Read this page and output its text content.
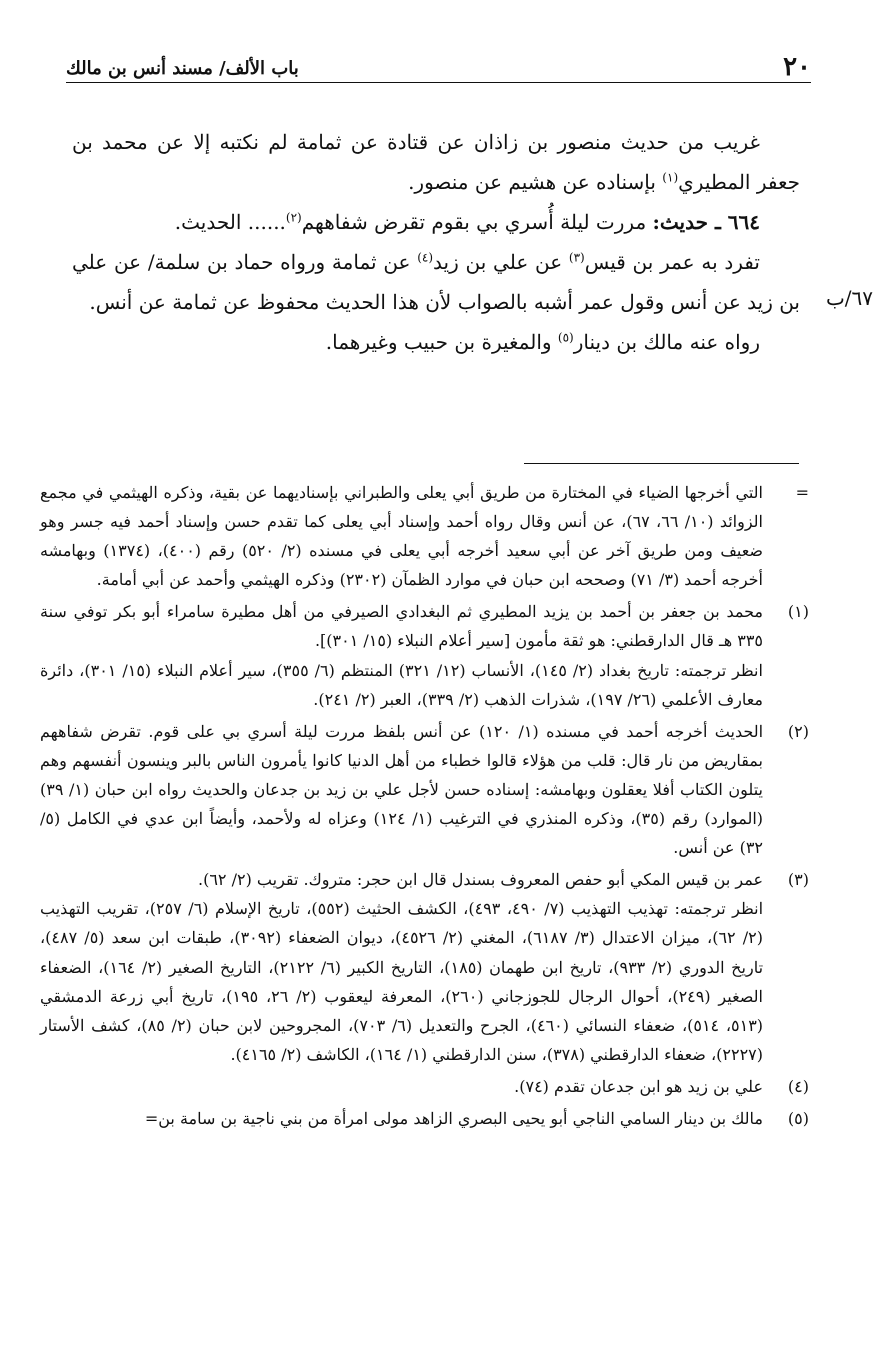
٢٠
باب الألف/ مسند أنس بن مالك
٦٧/ب

غريب من حديث منصور بن زاذان عن قتادة عن ثمامة لم نكتبه إلا عن محمد بن جعفر المطيري$^{(١)}$ بإسناده عن هشيم عن منصور.

٦٦٤ ـ حديث: مررت ليلة أُسري بي بقوم تقرض شفاههم$^{(٢)}$...... الحديث.

تفرد به عمر بن قيس$^{(٣)}$ عن علي بن زيد$^{(٤)}$ عن ثمامة ورواه حماد بن سلمة/ عن علي بن زيد عن أنس وقول عمر أشبه بالصواب لأن هذا الحديث محفوظ عن ثمامة عن أنس.

رواه عنه مالك بن دينار$^{(٥)}$ والمغيرة بن حبيب وغيرهما.

=

التي أخرجها الضياء في المختارة من طريق أبي يعلى والطبراني بإسناديهما عن بقية، وذكره الهيثمي في مجمع الزوائد (١٠/ ٦٦، ٦٧)، عن أنس وقال رواه أحمد وإسناد أبي يعلى كما تقدم حسن وإسناد أحمد فيه جسر وهو ضعيف ومن طريق آخر عن أبي سعيد أخرجه أبي يعلى في مسنده (٢/ ٥٢٠) رقم (٤٠٠)، (١٣٧٤) وبهامشه أخرجه أحمد (٣/ ٧١) وصححه ابن حبان في موارد الظمآن (٢٣٠٢) وذكره الهيثمي وأحمد عن أبي أمامة.

(١)

محمد بن جعفر بن أحمد بن يزيد المطيري ثم البغدادي الصيرفي من أهل مطيرة سامراء أبو بكر توفي سنة ٣٣٥ هـ قال الدارقطني: هو ثقة مأمون [سير أعلام النبلاء (١٥/ ٣٠١)].

انظر ترجمته: تاريخ بغداد (٢/ ١٤٥)، الأنساب (١٢/ ٣٢١) المنتظم (٦/ ٣٥٥)، سير أعلام النبلاء (١٥/ ٣٠١)، دائرة معارف الأعلمي (٢٦/ ١٩٧)، شذرات الذهب (٢/ ٣٣٩)، العبر (٢/ ٢٤١).

(٢)

الحديث أخرجه أحمد في مسنده (١/ ١٢٠) عن أنس بلفظ مررت ليلة أسري بي على قوم. تقرض شفاههم بمقاريض من نار قال: قلب من هؤلاء قالوا خطباء من أهل الدنيا كانوا يأمرون الناس بالبر وينسون أنفسهم وهم يتلون الكتاب أفلا يعقلون وبهامشه: إسناده حسن لأجل علي بن زيد بن جدعان والحديث رواه ابن حبان (١/ ٣٩) (الموارد) رقم (٣٥)، وذكره المنذري في الترغيب (١/ ١٢٤) وعزاه له ولأحمد، وأيضاً ابن عدي في الكامل (٥/ ٣٢) عن أنس.

(٣)

عمر بن قيس المكي أبو حفص المعروف بسندل قال ابن حجر: متروك. تقريب (٢/ ٦٢).

انظر ترجمته: تهذيب التهذيب (٧/ ٤٩٠، ٤٩٣)، الكشف الحثيث (٥٥٢)، تاريخ الإسلام (٦/ ٢٥٧)، تقريب التهذيب (٢/ ٦٢)، ميزان الاعتدال (٣/ ٦١٨٧)، المغني (٢/ ٤٥٢٦)، ديوان الضعفاء (٣٠٩٢)، طبقات ابن سعد (٥/ ٤٨٧)، تاريخ الدوري (٢/ ٩٣٣)، تاريخ ابن طهمان (١٨٥)، التاريخ الكبير (٦/ ٢١٢٢)، التاريخ الصغير (٢/ ١٦٤)، الضعفاء الصغير (٢٤٩)، أحوال الرجال للجوزجاني (٢٦٠)، المعرفة ليعقوب (٢/ ٢٦، ١٩٥)، تاريخ أبي زرعة الدمشقي (٥١٣، ٥١٤)، ضعفاء النسائي (٤٦٠)، الجرح والتعديل (٦/ ٧٠٣)، المجروحين لابن حبان (٢/ ٨٥)، كشف الأستار (٢٢٢٧)، ضعفاء الدارقطني (٣٧٨)، سنن الدارقطني (١/ ١٦٤)، الكاشف (٢/ ٤١٦٥).

(٤)

علي بن زيد هو ابن جدعان تقدم (٧٤).

(٥)

مالك بن دينار السامي الناجي أبو يحيى البصري الزاهد مولى امرأة من بني ناجية بن سامة بن=
